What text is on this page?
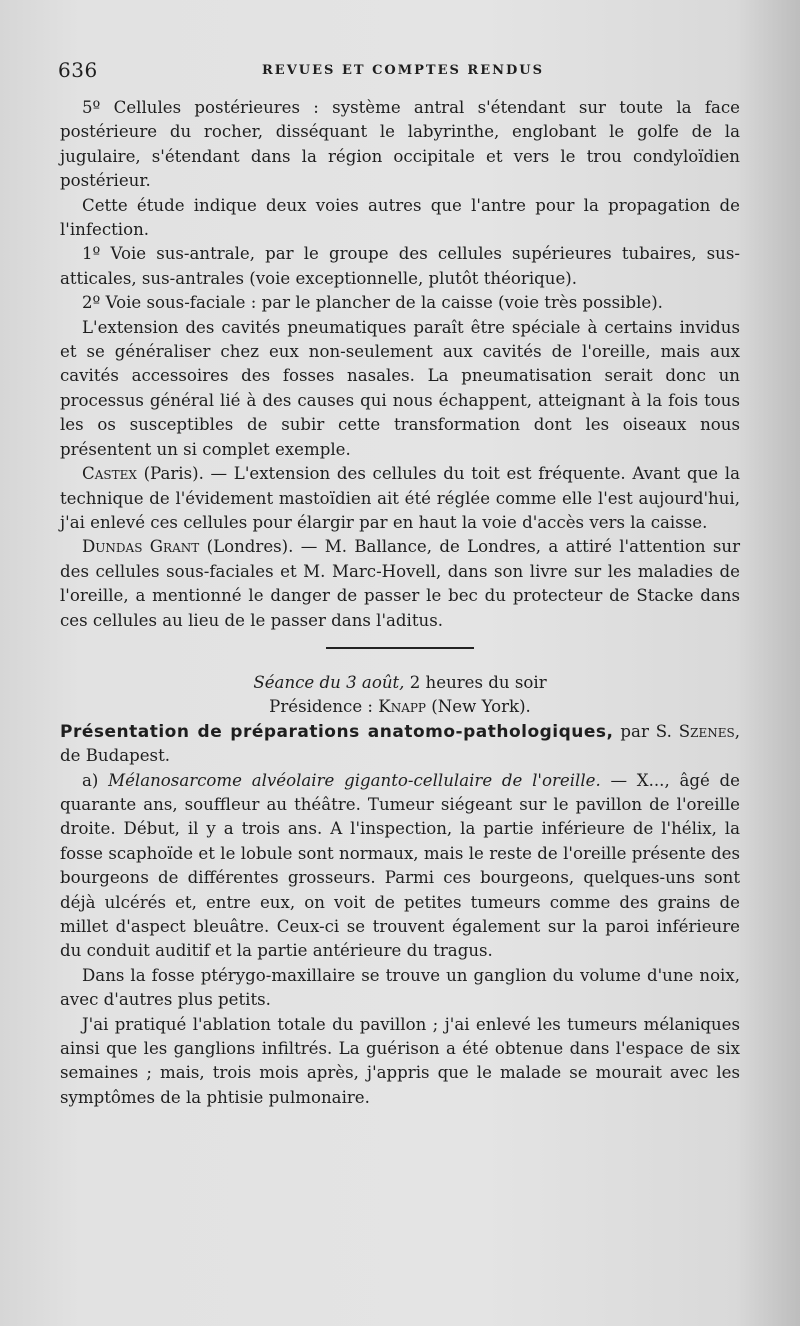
636	REVUES ET COMPTES RENDUS

5º Cellules postérieures : système antral s'étendant sur toute la face postérieure du rocher, disséquant le labyrinthe, englobant le golfe de la jugulaire, s'étendant dans la région occipitale et vers le trou condyloïdien postérieur.

Cette étude indique deux voies autres que l'antre pour la propagation de l'infection.

1º Voie sus-antrale, par le groupe des cellules supérieures tubaires, sus-atticales, sus-antrales (voie exceptionnelle, plutôt théorique).

2º Voie sous-faciale : par le plancher de la caisse (voie très possible).

L'extension des cavités pneumatiques paraît être spéciale à certains invidus et se généraliser chez eux non-seulement aux cavités de l'oreille, mais aux cavités accessoires des fosses nasales. La pneumatisation serait donc un processus général lié à des causes qui nous échappent, atteignant à la fois tous les os susceptibles de subir cette transformation dont les oiseaux nous présentent un si complet exemple.

Castex (Paris). — L'extension des cellules du toit est fréquente. Avant que la technique de l'évidement mastoïdien ait été réglée comme elle l'est aujourd'hui, j'ai enlevé ces cellules pour élargir par en haut la voie d'accès vers la caisse.

Dundas Grant (Londres). — M. Ballance, de Londres, a attiré l'attention sur des cellules sous-faciales et M. Marc-Hovell, dans son livre sur les maladies de l'oreille, a mentionné le danger de passer le bec du protecteur de Stacke dans ces cellules au lieu de le passer dans l'aditus.

Séance du 3 août, 2 heures du soir

Présidence : Knapp (New York).

Présentation de préparations anatomo-pathologiques, par S. Szenes, de Budapest.

a) Mélanosarcome alvéolaire giganto-cellulaire de l'oreille. — X..., âgé de quarante ans, souffleur au théâtre. Tumeur siégeant sur le pavillon de l'oreille droite. Début, il y a trois ans. A l'inspection, la partie inférieure de l'hélix, la fosse scaphoïde et le lobule sont normaux, mais le reste de l'oreille présente des bourgeons de différentes grosseurs. Parmi ces bourgeons, quelques-uns sont déjà ulcérés et, entre eux, on voit de petites tumeurs comme des grains de millet d'aspect bleuâtre. Ceux-ci se trouvent également sur la paroi inférieure du conduit auditif et la partie antérieure du tragus.

Dans la fosse ptérygo-maxillaire se trouve un ganglion du volume d'une noix, avec d'autres plus petits.

J'ai pratiqué l'ablation totale du pavillon ; j'ai enlevé les tumeurs mélaniques ainsi que les ganglions infiltrés. La guérison a été obtenue dans l'espace de six semaines ; mais, trois mois après, j'appris que le malade se mourait avec les symptômes de la phtisie pulmonaire.
